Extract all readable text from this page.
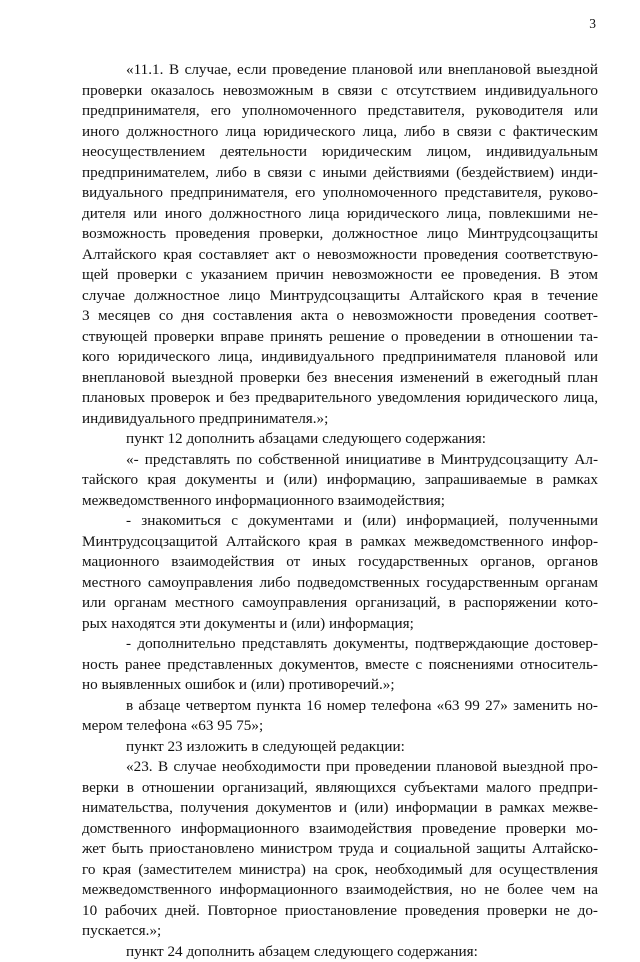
3
«11.1. В случае, если проведение плановой или внеплановой выездной
проверки оказалось невозможным в связи с отсутствием индивидуального
предпринимателя, его уполномоченного представителя, руководителя или
иного должностного лица юридического лица, либо в связи с фактическим
неосуществлением деятельности юридическим лицом, индивидуальным
предпринимателем, либо в связи с иными действиями (бездействием) инди-
видуального предпринимателя, его уполномоченного представителя, руково-
дителя или иного должностного лица юридического лица, повлекшими не-
возможность проведения проверки, должностное лицо Минтрудсоцзащиты
Алтайского края составляет акт о невозможности проведения соответствую-
щей проверки с указанием причин невозможности ее проведения. В этом
случае должностное лицо Минтрудсоцзащиты Алтайского края в течение
3 месяцев со дня составления акта о невозможности проведения соответ-
ствующей проверки вправе принять решение о проведении в отношении та-
кого юридического лица, индивидуального предпринимателя плановой или
внеплановой выездной проверки без внесения изменений в ежегодный план
плановых проверок и без предварительного уведомления юридического лица,
индивидуального предпринимателя.»;
пункт 12 дополнить абзацами следующего содержания:
«- представлять по собственной инициативе в Минтрудсоцзащиту Ал-
тайского края документы и (или) информацию, запрашиваемые в рамках
межведомственного информационного взаимодействия;
- знакомиться с документами и (или) информацией, полученными
Минтрудсоцзащитой Алтайского края в рамках межведомственного инфор-
мационного взаимодействия от иных государственных органов, органов
местного самоуправления либо подведомственных государственным органам
или органам местного самоуправления организаций, в распоряжении кото-
рых находятся эти документы и (или) информация;
- дополнительно представлять документы, подтверждающие достовер-
ность ранее представленных документов, вместе с пояснениями относитель-
но выявленных ошибок и (или) противоречий.»;
в абзаце четвертом пункта 16 номер телефона «63 99 27» заменить но-
мером телефона «63 95 75»;
пункт 23 изложить в следующей редакции:
«23. В случае необходимости при проведении плановой выездной про-
верки в отношении организаций, являющихся субъектами малого предпри-
нимательства, получения документов и (или) информации в рамках межве-
домственного информационного взаимодействия проведение проверки мо-
жет быть приостановлено министром труда и социальной защиты Алтайско-
го края (заместителем министра) на срок, необходимый для осуществления
межведомственного информационного взаимодействия, но не более чем на
10 рабочих дней. Повторное приостановление проведения проверки не до-
пускается.»;
пункт 24 дополнить абзацем следующего содержания:
